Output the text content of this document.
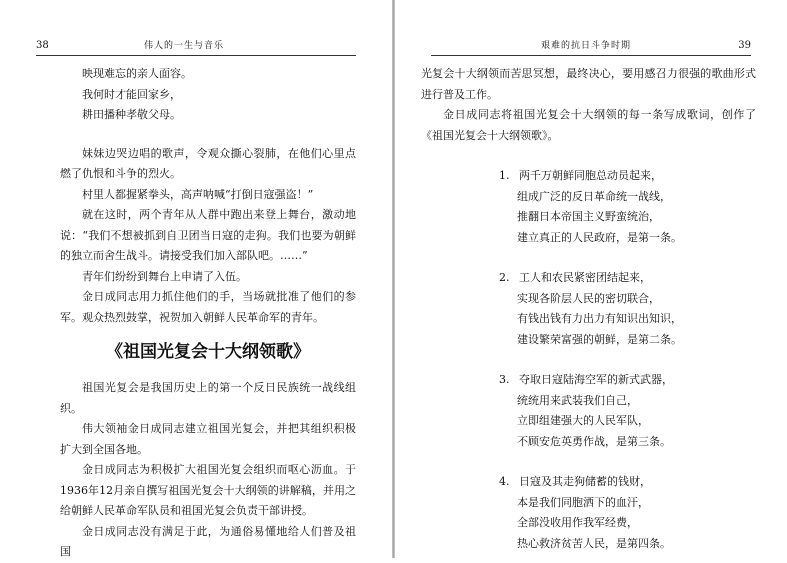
38	伟人的一生与音乐

映现难忘的亲人面容。

我何时才能回家乡，

耕田播种孝敬父母。

妹妹边哭边唱的歌声，令观众撕心裂肺，在他们心里点燃了仇恨和斗争的烈火。

村里人都握紧拳头，高声呐喊“打倒日寇强盗！”

就在这时，两个青年从人群中跑出来登上舞台，激动地说：“我们不想被抓到自卫团当日寇的走狗。我们也要为朝鲜的独立而舍生战斗。请接受我们加入部队吧。……”

青年们纷纷到舞台上申请了入伍。

金日成同志用力抓住他们的手，当场就批准了他们的参军。观众热烈鼓掌，祝贺加入朝鲜人民革命军的青年。

《祖国光复会十大纲领歌》

祖国光复会是我国历史上的第一个反日民族统一战线组织。

伟大领袖金日成同志建立祖国光复会，并把其组织积极扩大到全国各地。

金日成同志为积极扩大祖国光复会组织而呕心沥血。于1936年12月亲自撰写祖国光复会十大纲领的讲解稿，并用之给朝鲜人民革命军队员和祖国光复会负责干部讲授。

金日成同志没有满足于此，为通俗易懂地给人们普及祖国

艰难的抗日斗争时期	39

光复会十大纲领而苦思冥想，最终决心，要用感召力很强的歌曲形式进行普及工作。

金日成同志将祖国光复会十大纲领的每一条写成歌词，创作了《祖国光复会十大纲领歌》。

1. 两千万朝鲜同胞总动员起来，

组成广泛的反日革命统一战线，

推翻日本帝国主义野蛮统治，

建立真正的人民政府，是第一条。

2. 工人和农民紧密团结起来，

实现各阶层人民的密切联合，

有钱出钱有力出力有知识出知识，

建设繁荣富强的朝鲜，是第二条。

3. 夺取日寇陆海空军的新式武器，

统统用来武装我们自己，

立即组建强大的人民军队，

不顾安危英勇作战，是第三条。

4. 日寇及其走狗储蓄的钱财，

本是我们同胞洒下的血汗，

全部没收用作我军经费，

热心救济贫苦人民，是第四条。
